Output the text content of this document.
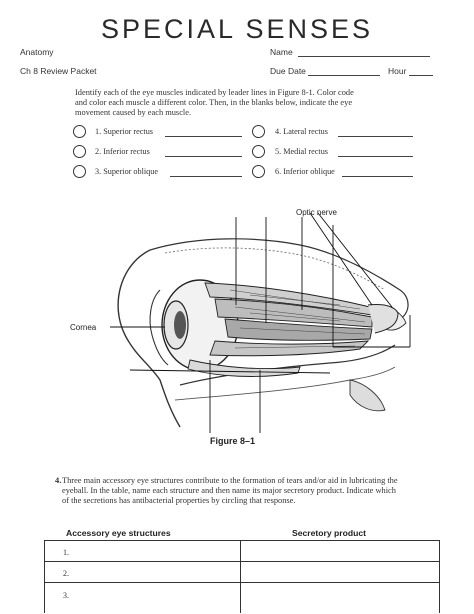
SPECIAL SENSES
Anatomy
Ch 8 Review Packet
Name
Due Date	Hour
Identify each of the eye muscles indicated by leader lines in Figure 8-1. Color code and color each muscle a different color. Then, in the blanks below, indicate the eye movement caused by each muscle.
1. Superior rectus
2. Inferior rectus
3. Superior oblique
4. Lateral rectus
5. Medial rectus
6. Inferior oblique
Optic nerve
Cornea
Figure 8–1
4. Three main accessory eye structures contribute to the formation of tears and/or aid in lubricating the eyeball. In the table, name each structure and then name its major secretory product. Indicate which of the secretions has antibacterial properties by circling that response.
Accessory eye structures	Secretory product
1.
2.
3.
